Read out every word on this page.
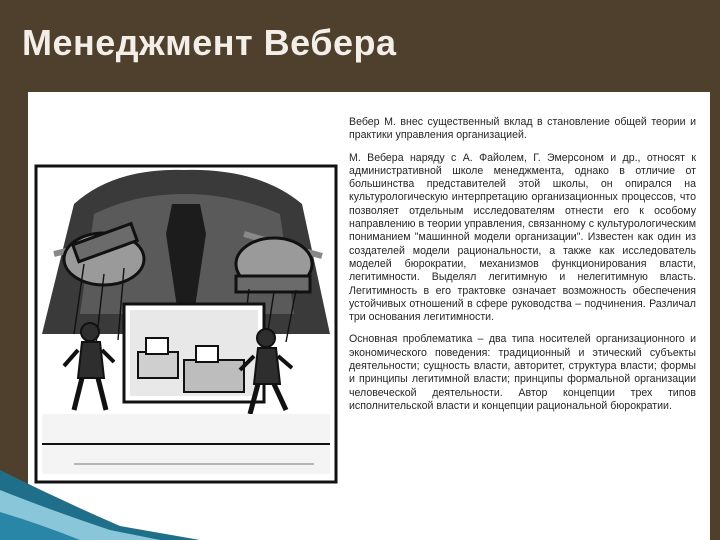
Менеджмент Вебера

Вебер М. внес существенный вклад в становление общей теории и практики управления организацией.

М. Вебера наряду с А. Файолем, Г. Эмерсоном и др., относят к административной школе менеджмента, однако в отличие от большинства представителей этой школы, он опирался на культурологическую интерпретацию организационных процессов, что позволяет отдельным исследователям отнести его к особому направлению в теории управления, связанному с культурологическим пониманием "машинной модели организации". Известен как один из создателей модели рациональности, а также как исследователь моделей бюрократии, механизмов функционирования власти, легитимности. Выделял легитимную и нелегитимную власть. Легитимность в его трактовке означает возможность обеспечения устойчивых отношений в сфере руководства – подчинения. Различал три основания легитимности.

Основная проблематика – два типа носителей организационного и экономического поведения: традиционный и этический субъекты деятельности; сущность власти, авторитет, структура власти; формы и принципы легитимной власти; принципы формальной организации человеческой деятельности. Автор концепции трех типов исполнительской власти и концепции рациональной бюрократии.
